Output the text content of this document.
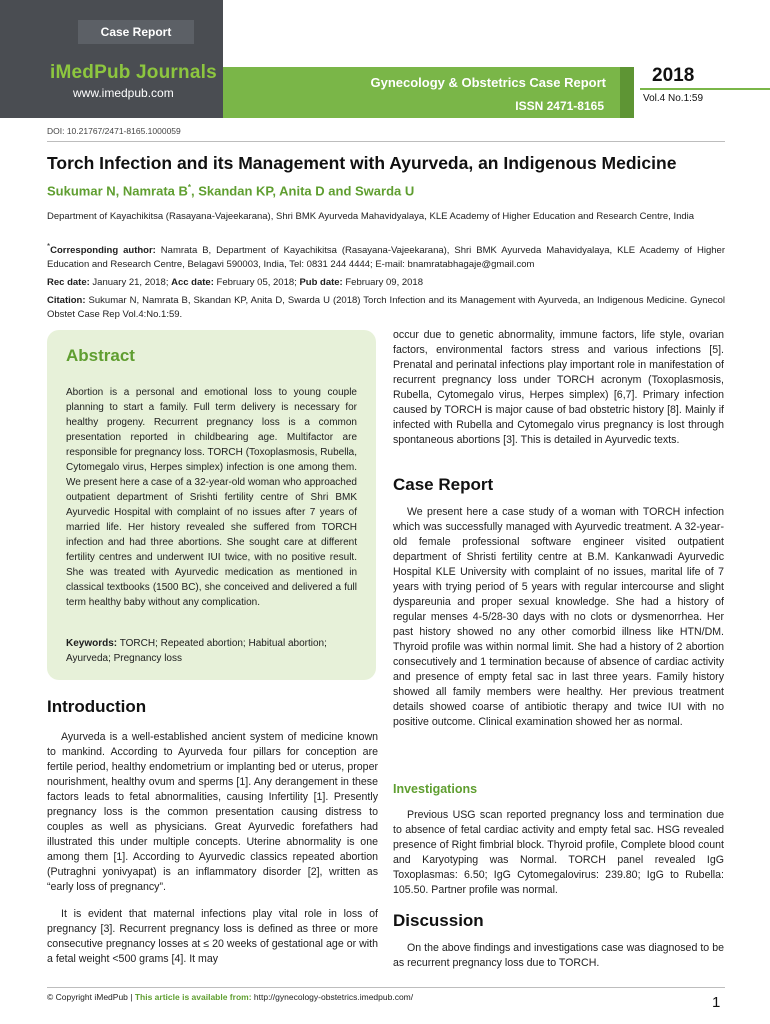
Case Report
iMedPub Journals
www.imedpub.com
Gynecology & Obstetrics Case Report
ISSN 2471-8165
2018
Vol.4 No.1:59
DOI: 10.21767/2471-8165.1000059
Torch Infection and its Management with Ayurveda, an Indigenous Medicine
Sukumar N, Namrata B*, Skandan KP, Anita D and Swarda U
Department of Kayachikitsa (Rasayana-Vajeekarana), Shri BMK Ayurveda Mahavidyalaya, KLE Academy of Higher Education and Research Centre, India
*Corresponding author: Namrata B, Department of Kayachikitsa (Rasayana-Vajeekarana), Shri BMK Ayurveda Mahavidyalaya, KLE Academy of Higher Education and Research Centre, Belagavi 590003, India, Tel: 0831 244 4444; E-mail: bnamratabhagaje@gmail.com
Rec date: January 21, 2018; Acc date: February 05, 2018; Pub date: February 09, 2018
Citation: Sukumar N, Namrata B, Skandan KP, Anita D, Swarda U (2018) Torch Infection and its Management with Ayurveda, an Indigenous Medicine. Gynecol Obstet Case Rep Vol.4:No.1:59.
Abstract
Abortion is a personal and emotional loss to young couple planning to start a family. Full term delivery is necessary for healthy progeny. Recurrent pregnancy loss is a common presentation reported in childbearing age. Multifactor are responsible for pregnancy loss. TORCH (Toxoplasmosis, Rubella, Cytomegalo virus, Herpes simplex) infection is one among them. We present here a case of a 32-year-old woman who approached outpatient department of Srishti fertility centre of Shri BMK Ayurvedic Hospital with complaint of no issues after 7 years of married life. Her history revealed she suffered from TORCH infection and had three abortions. She sought care at different fertility centres and underwent IUI twice, with no positive result. She was treated with Ayurvedic medication as mentioned in classical textbooks (1500 BC), she conceived and delivered a full term healthy baby without any complication.
Keywords: TORCH; Repeated abortion; Habitual abortion; Ayurveda; Pregnancy loss
Introduction
Ayurveda is a well-established ancient system of medicine known to mankind. According to Ayurveda four pillars for conception are fertile period, healthy endometrium or implanting bed or uterus, proper nourishment, healthy ovum and sperms [1]. Any derangement in these factors leads to fetal abnormalities, causing Infertility [1]. Presently pregnancy loss is the common presentation causing distress to couples as well as physicians. Great Ayurvedic forefathers had illustrated this under multiple concepts. Uterine abnormality is one among them [1]. According to Ayurvedic classics repeated abortion (Putraghni yonivyapat) is an inflammatory disorder [2], written as “early loss of pregnancy”.
It is evident that maternal infections play vital role in loss of pregnancy [3]. Recurrent pregnancy loss is defined as three or more consecutive pregnancy losses at ≤ 20 weeks of gestational age or with a fetal weight <500 grams [4]. It may
occur due to genetic abnormality, immune factors, life style, ovarian factors, environmental factors stress and various infections [5]. Prenatal and perinatal infections play important role in manifestation of recurrent pregnancy loss under TORCH acronym (Toxoplasmosis, Rubella, Cytomegalo virus, Herpes simplex) [6,7]. Primary infection caused by TORCH is major cause of bad obstetric history [8]. Mainly if infected with Rubella and Cytomegalo virus pregnancy is lost through spontaneous abortions [3]. This is detailed in Ayurvedic texts.
Case Report
We present here a case study of a woman with TORCH infection which was successfully managed with Ayurvedic treatment. A 32-year-old female professional software engineer visited outpatient department of Shristi fertility centre at B.M. Kankanwadi Ayurvedic Hospital KLE University with complaint of no issues, marital life of 7 years with trying period of 5 years with regular intercourse and slight dyspareunia and proper sexual knowledge. She had a history of regular menses 4-5/28-30 days with no clots or dysmenorrhea. Her past history showed no any other comorbid illness like HTN/DM. Thyroid profile was within normal limit. She had a history of 2 abortion consecutively and 1 termination because of absence of cardiac activity and presence of empty fetal sac in last three years. Family history showed all family members were healthy. Her previous treatment details showed coarse of antibiotic therapy and twice IUI with no positive outcome. Clinical examination showed her as normal.
Investigations
Previous USG scan reported pregnancy loss and termination due to absence of fetal cardiac activity and empty fetal sac. HSG revealed presence of Right fimbrial block. Thyroid profile, Complete blood count and Karyotyping was Normal. TORCH panel revealed IgG Toxoplasmas: 6.50; IgG Cytomegalovirus: 239.80; IgG to Rubella: 105.50. Partner profile was normal.
Discussion
On the above findings and investigations case was diagnosed to be as recurrent pregnancy loss due to TORCH.
© Copyright iMedPub | This article is available from: http://gynecology-obstetrics.imedpub.com/	1
